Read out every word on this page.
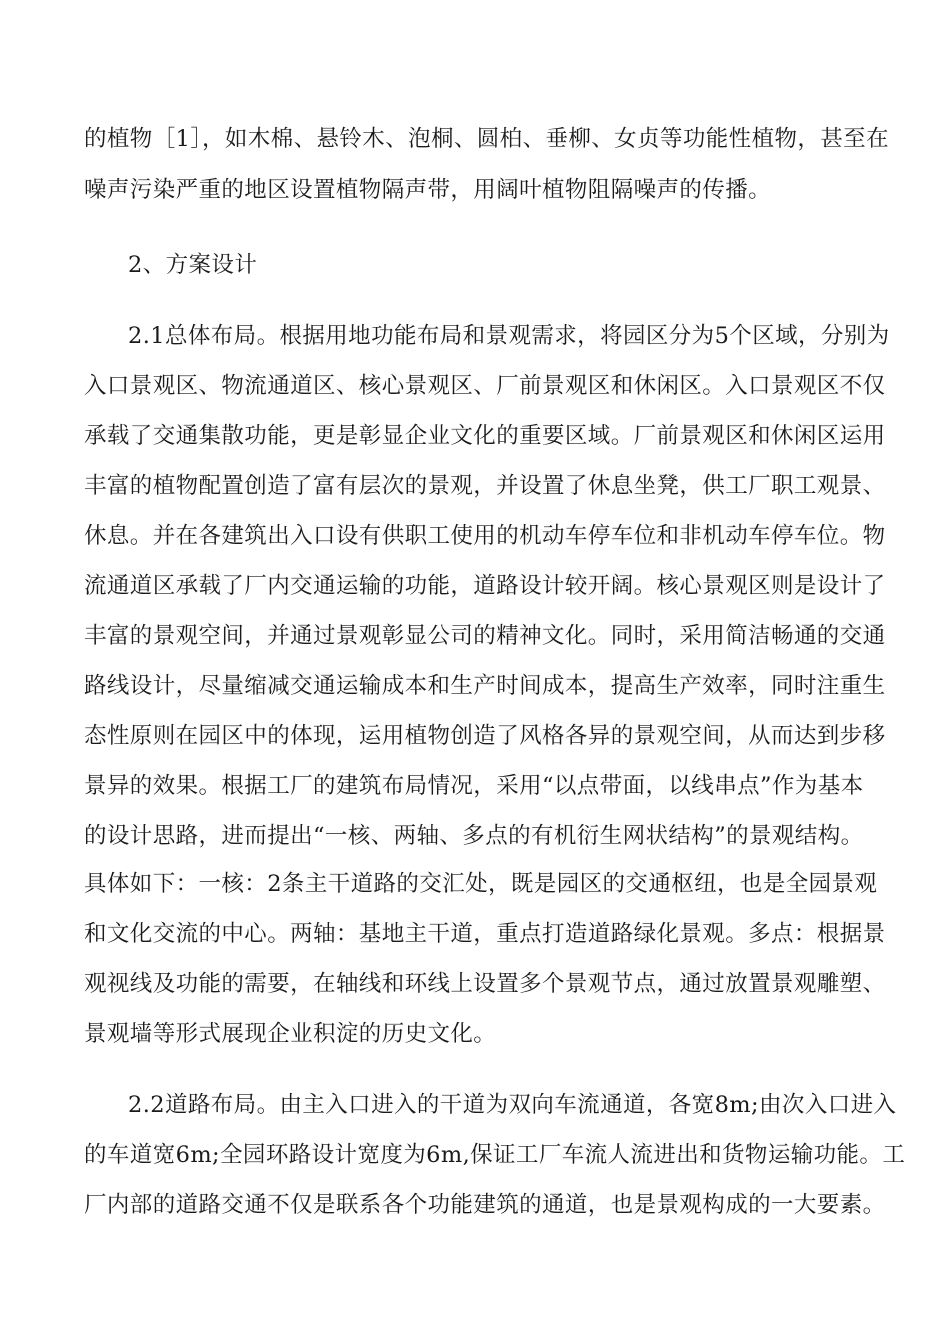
的植物［1］，如木棉、悬铃木、泡桐、圆柏、垂柳、女贞等功能性植物，甚至在
噪声污染严重的地区设置植物隔声带，用阔叶植物阻隔噪声的传播。
2、方案设计
2.1总体布局。根据用地功能布局和景观需求，将园区分为5个区域，分别为
入口景观区、物流通道区、核心景观区、厂前景观区和休闲区。入口景观区不仅
承载了交通集散功能，更是彰显企业文化的重要区域。厂前景观区和休闲区运用
丰富的植物配置创造了富有层次的景观，并设置了休息坐凳，供工厂职工观景、
休息。并在各建筑出入口设有供职工使用的机动车停车位和非机动车停车位。物
流通道区承载了厂内交通运输的功能，道路设计较开阔。核心景观区则是设计了
丰富的景观空间，并通过景观彰显公司的精神文化。同时，采用简洁畅通的交通
路线设计，尽量缩减交通运输成本和生产时间成本，提高生产效率，同时注重生
态性原则在园区中的体现，运用植物创造了风格各异的景观空间，从而达到步移
景异的效果。根据工厂的建筑布局情况，采用“以点带面，以线串点”作为基本
的设计思路，进而提出“一核、两轴、多点的有机衍生网状结构”的景观结构。
具体如下：一核：2条主干道路的交汇处，既是园区的交通枢纽，也是全园景观
和文化交流的中心。两轴：基地主干道，重点打造道路绿化景观。多点：根据景
观视线及功能的需要，在轴线和环线上设置多个景观节点，通过放置景观雕塑、
景观墙等形式展现企业积淀的历史文化。
2.2道路布局。由主入口进入的干道为双向车流通道，各宽8m;由次入口进入
的车道宽6m;全园环路设计宽度为6m,保证工厂车流人流进出和货物运输功能。工
厂内部的道路交通不仅是联系各个功能建筑的通道，也是景观构成的一大要素。
